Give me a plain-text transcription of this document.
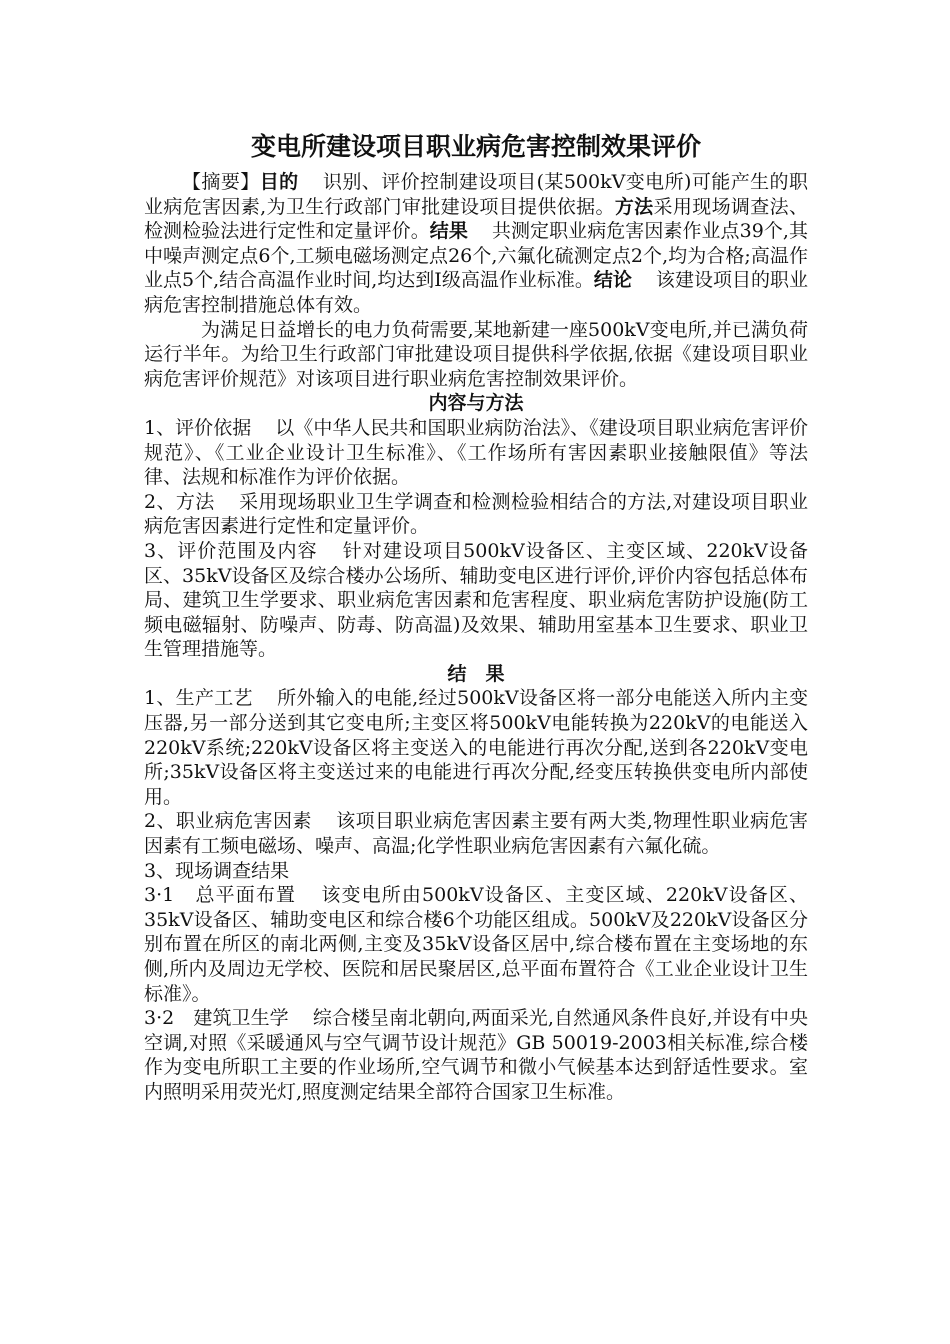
变电所建设项目职业病危害控制效果评价

【摘要】目的 识别、评价控制建设项目(某500kV变电所)可能产生的职业病危害因素,为卫生行政部门审批建设项目提供依据。方法采用现场调查法、检测检验法进行定性和定量评价。结果 共测定职业病危害因素作业点39个,其中噪声测定点6个,工频电磁场测定点26个,六氟化硫测定点2个,均为合格;高温作业点5个,结合高温作业时间,均达到Ⅰ级高温作业标准。结论 该建设项目的职业病危害控制措施总体有效。

为满足日益增长的电力负荷需要,某地新建一座500kV变电所,并已满负荷运行半年。为给卫生行政部门审批建设项目提供科学依据,依据《建设项目职业病危害评价规范》对该项目进行职业病危害控制效果评价。

内容与方法

1、评价依据 以《中华人民共和国职业病防治法》、《建设项目职业病危害评价规范》、《工业企业设计卫生标准》、《工作场所有害因素职业接触限值》等法律、法规和标准作为评价依据。

2、方法 采用现场职业卫生学调查和检测检验相结合的方法,对建设项目职业病危害因素进行定性和定量评价。

3、评价范围及内容 针对建设项目500kV设备区、主变区域、220kV设备区、35kV设备区及综合楼办公场所、辅助变电区进行评价,评价内容包括总体布局、建筑卫生学要求、职业病危害因素和危害程度、职业病危害防护设施(防工频电磁辐射、防噪声、防毒、防高温)及效果、辅助用室基本卫生要求、职业卫生管理措施等。

结　果

1、生产工艺 所外输入的电能,经过500kV设备区将一部分电能送入所内主变压器,另一部分送到其它变电所;主变区将500kV电能转换为220kV的电能送入220kV系统;220kV设备区将主变送入的电能进行再次分配,送到各220kV变电所;35kV设备区将主变送过来的电能进行再次分配,经变压转换供变电所内部使用。

2、职业病危害因素 该项目职业病危害因素主要有两大类,物理性职业病危害因素有工频电磁场、噪声、高温;化学性职业病危害因素有六氟化硫。

3、现场调查结果

3·1　总平面布置 该变电所由500kV设备区、主变区域、220kV设备区、35kV设备区、辅助变电区和综合楼6个功能区组成。500kV及220kV设备区分别布置在所区的南北两侧,主变及35kV设备区居中,综合楼布置在主变场地的东侧,所内及周边无学校、医院和居民聚居区,总平面布置符合《工业企业设计卫生标准》。

3·2　建筑卫生学 综合楼呈南北朝向,两面采光,自然通风条件良好,并设有中央空调,对照《采暖通风与空气调节设计规范》GB 50019-2003相关标准,综合楼作为变电所职工主要的作业场所,空气调节和微小气候基本达到舒适性要求。室内照明采用荧光灯,照度测定结果全部符合国家卫生标准。
